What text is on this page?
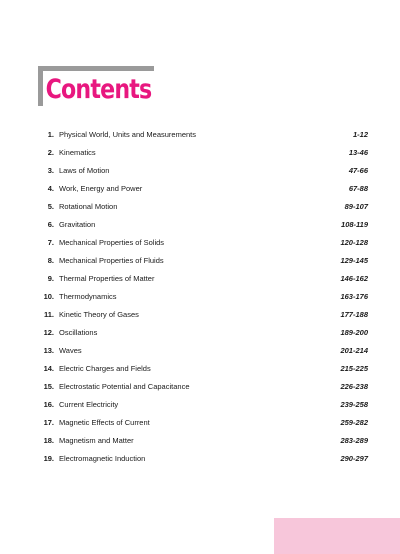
Contents
1. Physical World, Units and Measurements	1-12
2. Kinematics	13-46
3. Laws of Motion	47-66
4. Work, Energy and Power	67-88
5. Rotational Motion	89-107
6. Gravitation	108-119
7. Mechanical Properties of Solids	120-128
8. Mechanical Properties of Fluids	129-145
9. Thermal Properties of Matter	146-162
10. Thermodynamics	163-176
11. Kinetic Theory of Gases	177-188
12. Oscillations	189-200
13. Waves	201-214
14. Electric Charges and Fields	215-225
15. Electrostatic Potential and Capacitance	226-238
16. Current Electricity	239-258
17. Magnetic Effects of Current	259-282
18. Magnetism and Matter	283-289
19. Electromagnetic Induction	290-297
